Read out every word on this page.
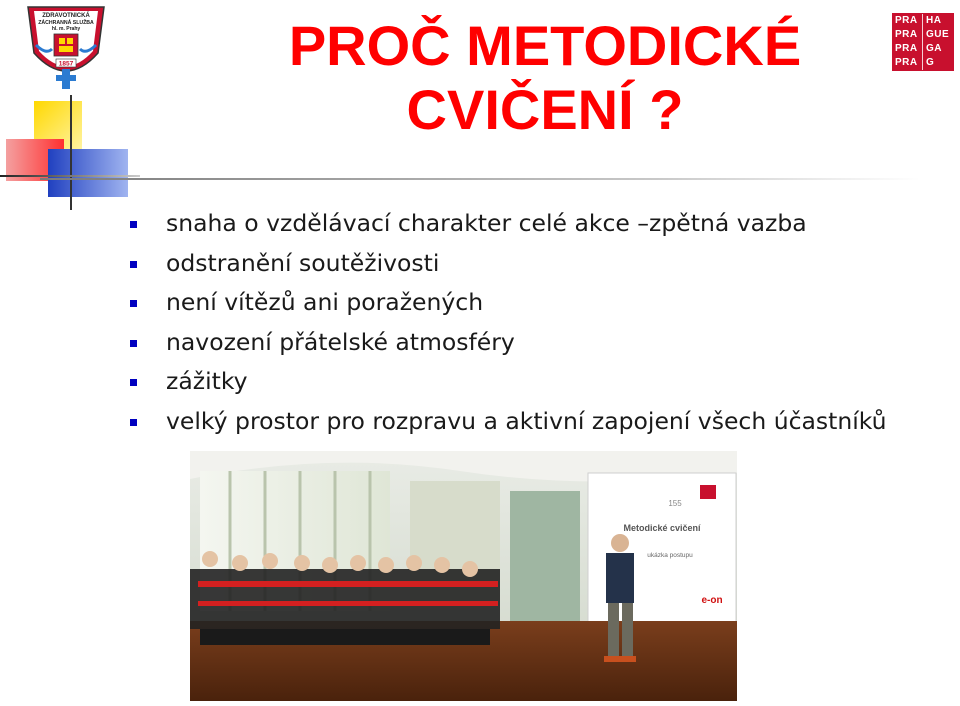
ZDRAVOTNICKÁ
ZÁCHRANNÁ SLUŽBA
hl. m. Prahy
1857
PRA HA
PRA GUE
PRA GA
PRA G
PROČ METODICKÉ
CVIČENÍ ?
snaha o vzdělávací charakter celé akce –zpětná vazba
odstranění soutěživosti
není vítězů ani poražených
navození přátelské atmosféry
zážitky
velký prostor pro rozpravu a aktivní zapojení všech účastníků
Metodické cvičení
ukázka postupu
155
e-on
